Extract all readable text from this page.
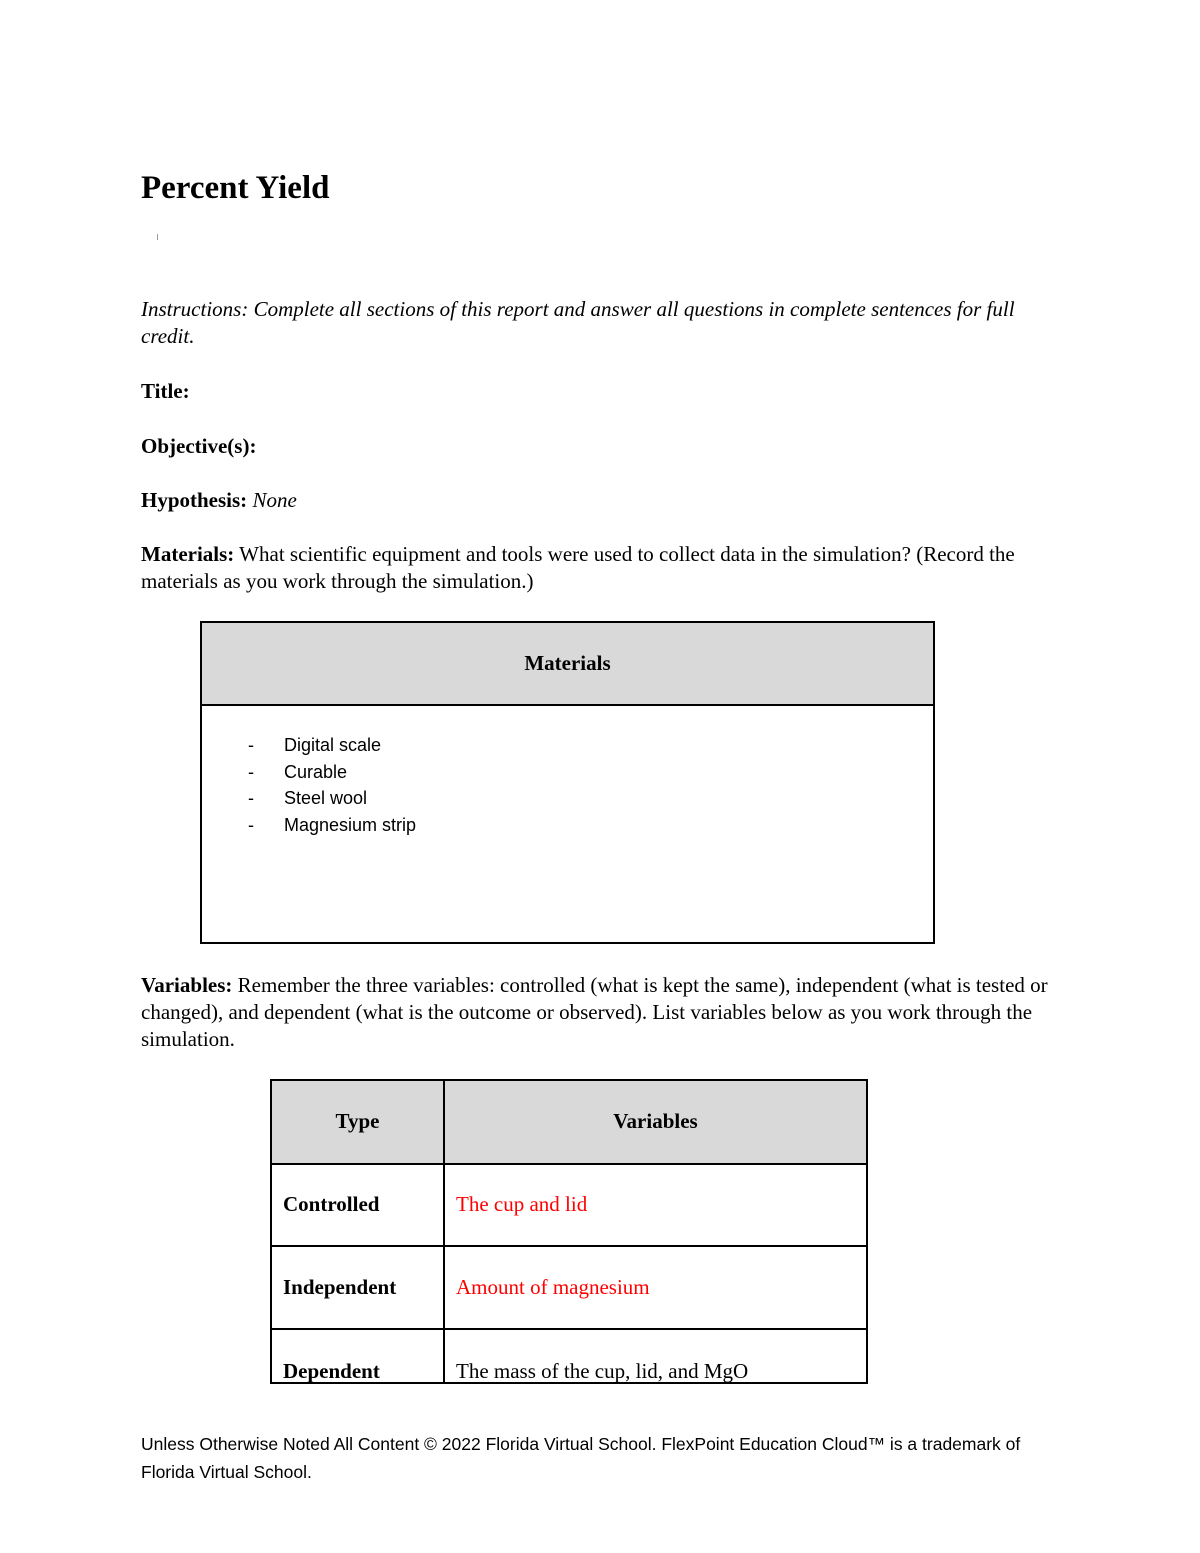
Percent Yield

Instructions: Complete all sections of this report and answer all questions in complete sentences for full credit.

Title:

Objective(s):

Hypothesis: None

Materials: What scientific equipment and tools were used to collect data in the simulation? (Record the materials as you work through the simulation.)

Materials
-	Digital scale
-	Curable
-	Steel wool
-	Magnesium strip

Variables: Remember the three variables: controlled (what is kept the same), independent (what is tested or changed), and dependent (what is the outcome or observed). List variables below as you work through the simulation.

Type	Variables
Controlled	The cup and lid
Independent	Amount of magnesium
Dependent	The mass of the cup, lid, and MgO

Unless Otherwise Noted All Content © 2022 Florida Virtual School. FlexPoint Education Cloud™ is a trademark of Florida Virtual School.
